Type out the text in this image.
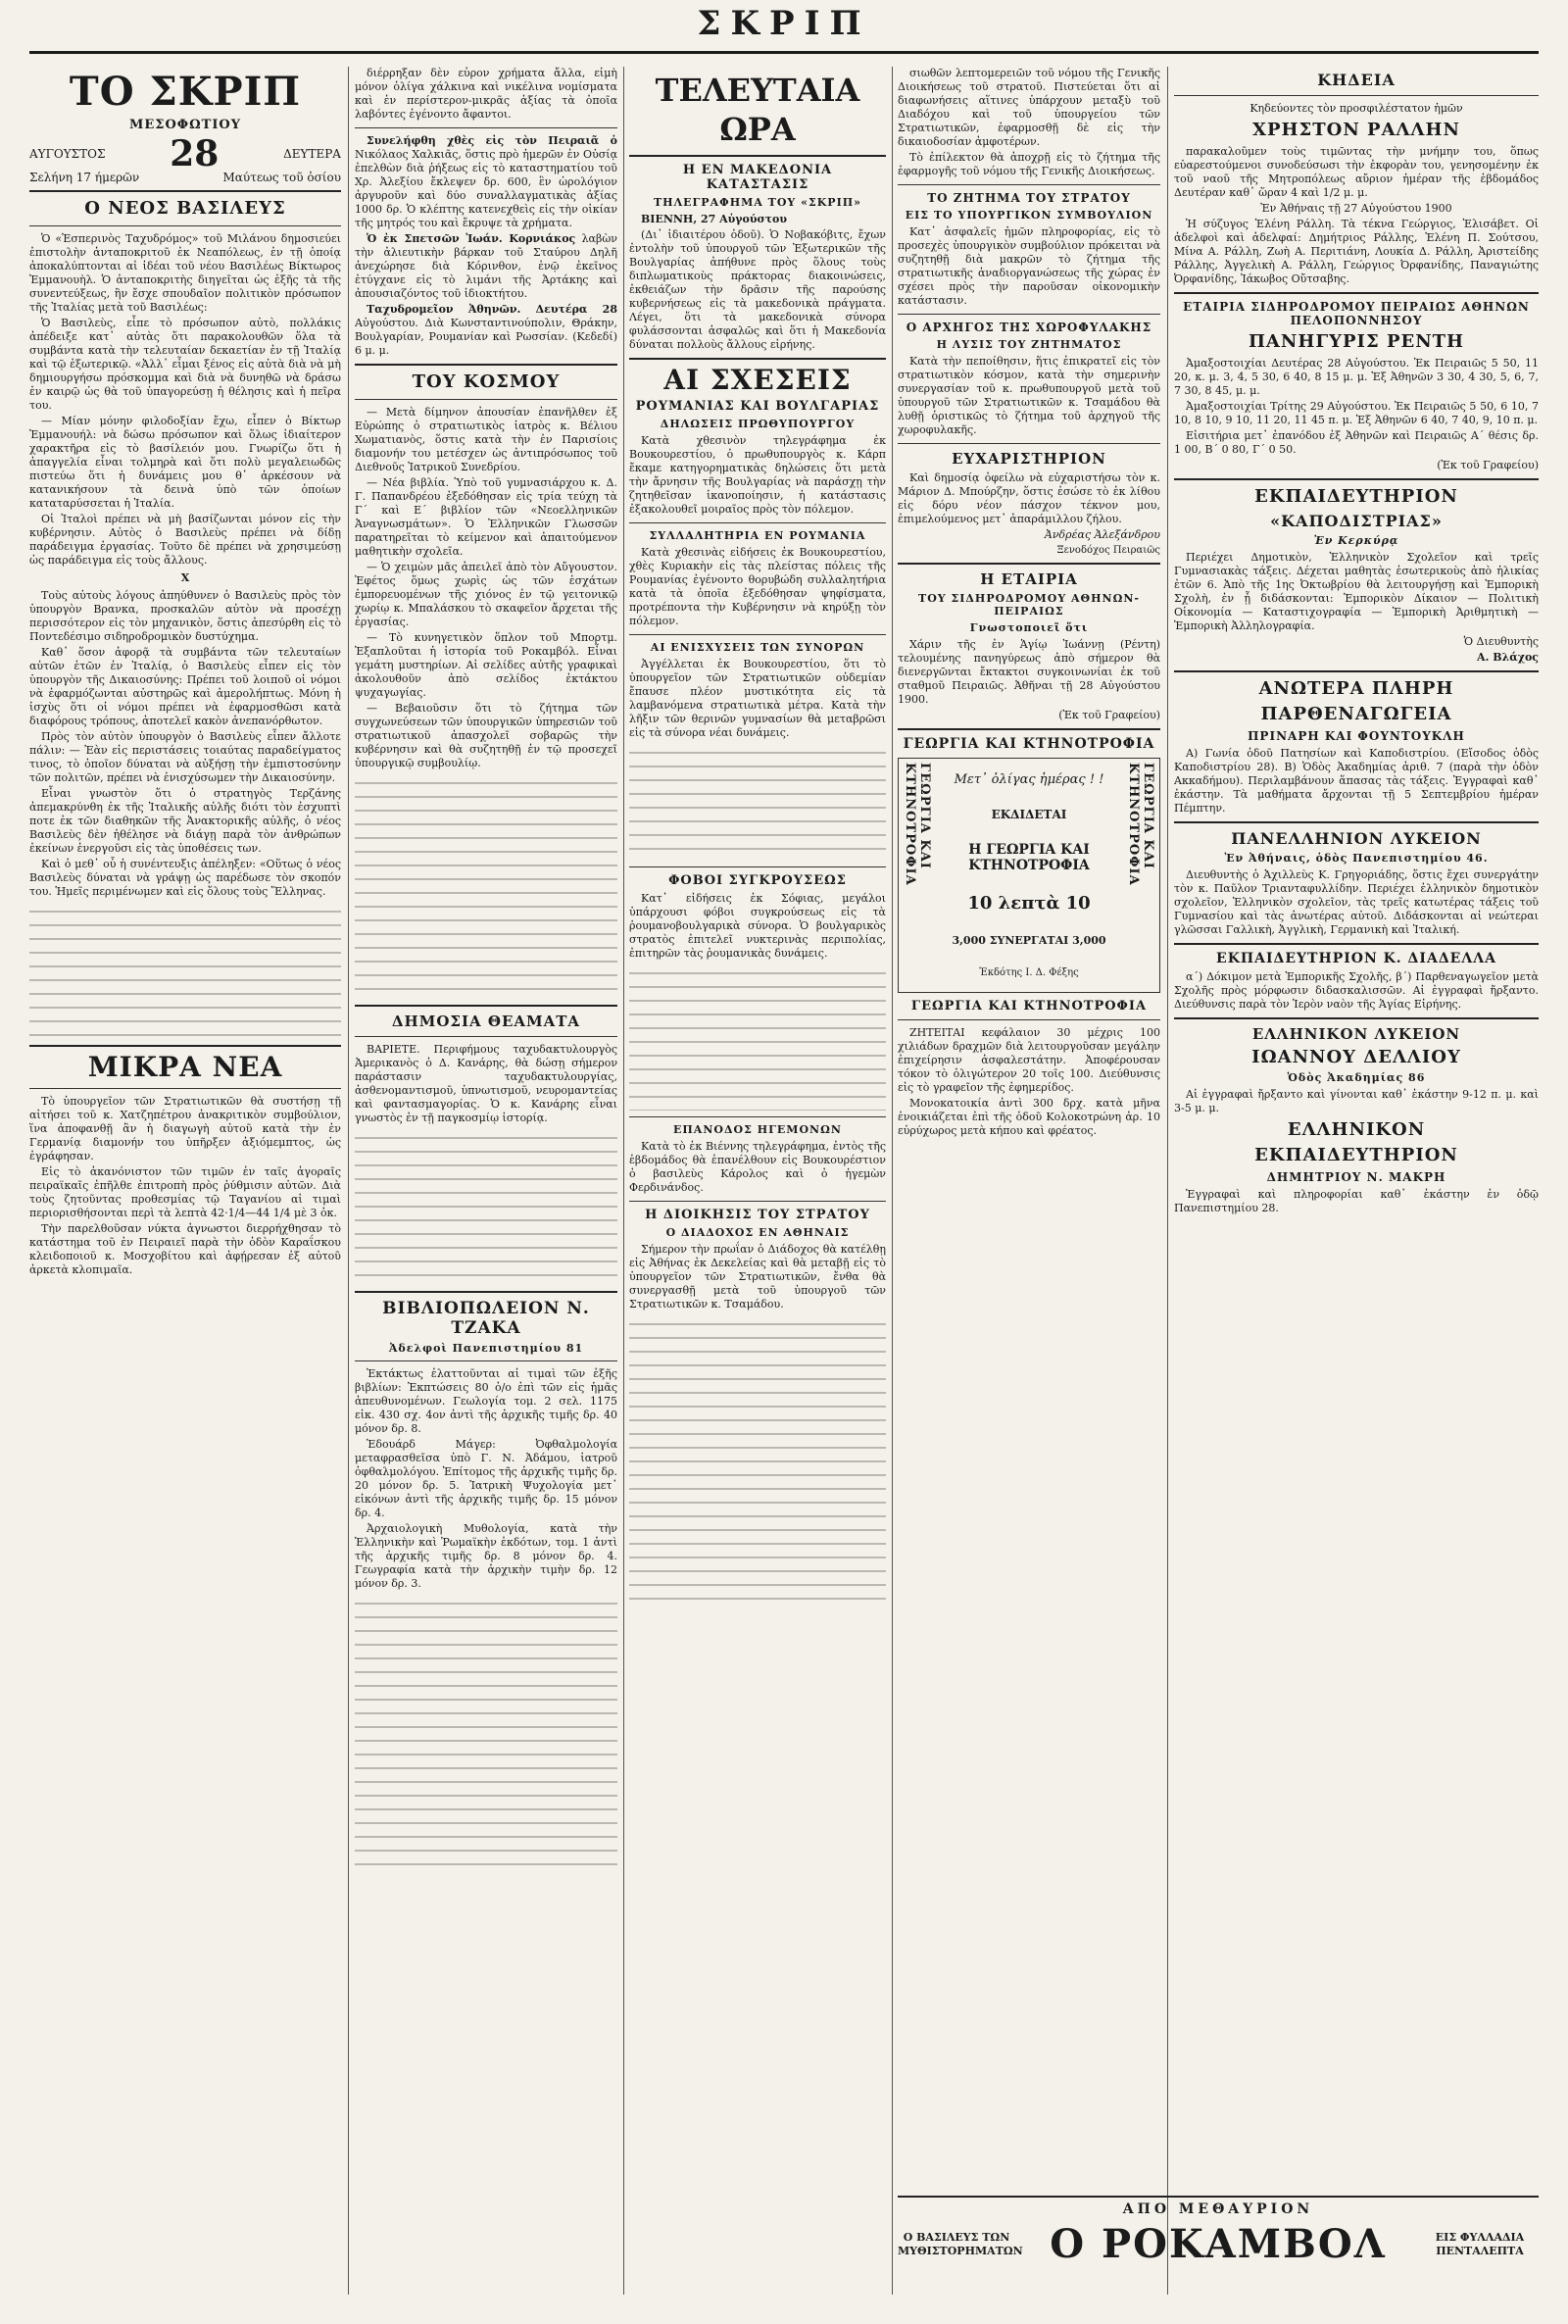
ΣΚΡΙΠ
ΤΟ ΣΚΡΙΠ
ΜΕΣΟΦΩΤΙΟΥ
ΑΥΓΟΥΣΤΟΣ 28	ΔΕΥΤΕΡΑ
Σελήνη 17 ήμερῶν	Μαύτεως τοῦ ὁσίου
Ο ΝΕΟΣ ΒΑΣΙΛΕΥΣ

Ὁ «Ἑσπερινὸς Ταχυδρόμος» τοῦ Μιλάνου δημοσιεύει ἐπιστολὴν ἀνταποκριτοῦ ἐκ Νεαπόλεως, ἐν τῇ ὁποίᾳ ἀποκαλύπτονται αἱ ἰδέαι τοῦ νέου Βασιλέως Βίκτωρος Ἐμμανουὴλ. Ὁ ἀνταποκριτὴς διηγεῖται ὡς ἑξῆς τὰ τῆς συνεντεύξεως, ἣν ἔσχε σπουδαῖον πολιτικὸν πρόσωπον τῆς Ἰταλίας μετὰ τοῦ Βασιλέως:

Ὁ Βασιλεὺς, εἶπε τὸ πρόσωπον αὐτὸ, πολλάκις ἀπέδειξε κατ᾽ αὐτὰς ὅτι παρακολουθῶν ὅλα τὰ συμβάντα κατὰ τὴν τελευταίαν δεκαετίαν ἐν τῇ Ἰταλίᾳ καὶ τῷ ἐξωτερικῷ. «Ἀλλ᾽ εἶμαι ξένος εἰς αὐτὰ διὰ νὰ μὴ δημιουργήσω πρόσκομμα καὶ διὰ νὰ δυνηθῶ νὰ δράσω ἐν καιρῷ ὡς θὰ τοῦ ὑπαγορεύσῃ ἡ θέλησις καὶ ἡ πεῖρα του.

— Μίαν μόνην φιλοδοξίαν ἔχω, εἶπεν ὁ Βίκτωρ Ἐμμανουήλ: νὰ δώσω πρόσωπον καὶ ὅλως ἰδιαίτερον χαρακτῆρα εἰς τὸ βασίλειόν μου. Γνωρίζω ὅτι ἡ ἀπαγγελία εἶναι τολμηρὰ καὶ ὅτι πολὺ μεγαλειωδῶς πιστεύω ὅτι ἡ δυνάμεις μου θ᾽ ἀρκέσουν νὰ κατανικήσουν τὰ δεινὰ ὑπὸ τῶν ὁποίων καταταρύσσεται ἡ Ἰταλία.

Οἱ Ἰταλοὶ πρέπει νὰ μὴ βασίζωνται μόνον εἰς τὴν κυβέρνησιν. Αὐτὸς ὁ Βασιλεὺς πρέπει νὰ δίδῃ παράδειγμα ἐργασίας. Τοῦτο δὲ πρέπει νὰ χρησιμεύσῃ ὡς παράδειγμα εἰς τοὺς ἄλλους.

Χ

Τοὺς αὐτοὺς λόγους ἀπηύθυνεν ὁ Βασιλεὺς πρὸς τὸν ὑπουργὸν Βρανκα, προσκαλῶν αὐτὸν νὰ προσέχῃ περισσότερον εἰς τὸν μηχανικὸν, ὅστις ἀπεσύρθη εἰς τὸ Ποντεδέσιμο σιδηροδρομικὸν δυστύχημα.

Καθ᾽ ὅσον ἀφορᾷ τὰ συμβάντα τῶν τελευταίων αὐτῶν ἐτῶν ἐν Ἰταλίᾳ, ὁ Βασιλεὺς εἶπεν εἰς τὸν ὑπουργὸν τῆς Δικαιοσύνης: Πρέπει τοῦ λοιποῦ οἱ νόμοι νὰ ἐφαρμόζωνται αὐστηρῶς καὶ ἀμερολήπτως. Μόνη ἡ ἰσχὺς ὅτι οἱ νόμοι πρέπει νὰ ἐφαρμοσθῶσι κατὰ διαφόρους τρόπους, ἀποτελεῖ κακὸν ἀνεπανόρθωτον.

Πρὸς τὸν αὐτὸν ὑπουργὸν ὁ Βασιλεὺς εἶπεν ἄλλοτε πάλιν: — Ἐὰν εἰς περιστάσεις τοιαύτας παραδείγματος τινος, τὸ ὁποῖον δύναται νὰ αὐξήσῃ τὴν ἐμπιστοσύνην τῶν πολιτῶν, πρέπει νὰ ἐνισχύσωμεν τὴν Δικαιοσύνην.

Εἶναι γνωστὸν ὅτι ὁ στρατηγὸς Τερζάνης ἀπεμακρύνθη ἐκ τῆς Ἰταλικῆς αὐλῆς διότι τὸν ἐσχυπτὶ ποτε ἐκ τῶν διαθηκῶν τῆς Ἀνακτορικῆς αὐλῆς, ὁ νέος Βασιλεὺς δὲν ἠθέλησε νὰ διάγῃ παρὰ τὸν ἀνθρώπων ἐκείνων ἐνεργοῦσι εἰς τὰς ὑποθέσεις των.

Καὶ ὁ μεθ᾽ οὗ ἡ συνέντευξις ἀπέληξεν: «Οὕτως ὁ νέος Βασιλεὺς δύναται νὰ γράψῃ ὡς παρέδωσε τὸν σκοπόν του. Ἡμεῖς περιμένωμεν καὶ εἰς ὅλους τοὺς Ἕλληνας.

ΜΙΚΡΑ ΝΕΑ

Τὸ ὑπουργεῖον τῶν Στρατιωτικῶν θὰ συστήσῃ τῇ αἰτήσει τοῦ κ. Χατζηπέτρου ἀνακριτικὸν συμβούλιον, ἵνα ἀποφανθῇ ἂν ἡ διαγωγὴ αὐτοῦ κατὰ τὴν ἐν Γερμανίᾳ διαμονήν του ὑπῆρξεν ἀξιόμεμπτος, ὡς ἐγράφησαν.

Εἰς τὸ ἀκανόνιστον τῶν τιμῶν ἐν ταῖς ἀγοραῖς πειραϊκαῖς ἐπῆλθε ἐπιτροπὴ πρὸς ῥύθμισιν αὐτῶν. Διὰ τοὺς ζητοῦντας προθεσμίας τῷ Ταγανίου αἱ τιμαὶ περιορισθήσονται περὶ τὰ λεπτὰ 42·1/4—44 1/4 μὲ 3 ὀκ.

Τὴν παρελθοῦσαν νύκτα ἀγνωστοι διερρήχθησαν τὸ κατάστημα τοῦ ἐν Πειραιεῖ παρὰ τὴν ὁδὸν Καραΐσκου κλειδοποιοῦ κ. Μοσχοβίτου καὶ ἀφῄρεσαν ἐξ αὐτοῦ ἀρκετὰ κλοπιμαῖα.

διέρρηξαν δὲν εὗρον χρήματα ἄλλα, εἰμὴ μόνον ὀλίγα χάλκινα καὶ νικέλινα νομίσματα καὶ ἐν περίστερον-μικρᾶς ἀξίας τὰ ὁποῖα λαβόντες ἐγένοντο ἄφαντοι.

Συνελήφθη χθὲς εἰς τὸν Πειραιᾶ ὁ Νικόλαος Χαλκιᾶς, ὅστις πρὸ ἡμερῶν ἐν Οὐσίᾳ ἐπελθὼν διὰ ῥήξεως εἰς τὸ καταστηματίου τοῦ Χρ. Ἀλεξίου ἔκλεψεν δρ. 600, ἓν ὡρολόγιον ἀργυροῦν καὶ δύο συναλλαγματικὰς ἀξίας 1000 δρ. Ὁ κλέπτης κατενεχθεὶς εἰς τὴν οἰκίαν τῆς μητρός του καὶ ἔκρυψε τὰ χρήματα.

Ὁ ἐκ Σπετσῶν Ἰωάν. Κορνιάκος λαβὼν τὴν ἀλιευτικὴν βάρκαν τοῦ Σταύρου Δηλῆ ἀνεχώρησε διὰ Κόρινθον, ἐνῷ ἐκεῖνος ἐτύγχανε εἰς τὸ λιμάνι τῆς Ἀρτάκης καὶ ἀπουσιαζόντος τοῦ ἰδιοκτήτου.

Ταχυδρομεῖον Ἀθηνῶν. Δευτέρα 28 Αὐγούστου. Διὰ Κωνσταντινούπολιν, Θράκην, Βουλγαρίαν, Ρουμανίαν καὶ Ρωσσίαν. (Κεδεδί) 6 μ. μ.

ΤΟΥ ΚΟΣΜΟΥ

— Μετὰ δίμηνον ἀπουσίαν ἐπανῆλθεν ἐξ Εὐρώπης ὁ στρατιωτικὸς ἰατρὸς κ. Βέλιου Χωματιανὸς, ὅστις κατὰ τὴν ἐν Παρισίοις διαμονήν του μετέσχεν ὡς ἀντιπρόσωπος τοῦ Διεθνοῦς Ἰατρικοῦ Συνεδρίου.

— Νέα βιβλία. Ὑπὸ τοῦ γυμνασιάρχου κ. Δ. Γ. Παπανδρέου ἐξεδόθησαν εἰς τρία τεύχη τὰ Γ΄ καὶ Ε΄ βιβλίον τῶν «Νεοελληνικῶν Ἀναγνωσμάτων». Ὁ Ἐλληνικῶν Γλωσσῶν παρατηρεῖται τὸ κείμενον καὶ ἀπαιτούμενον μαθητικὴν σχολεῖα.

— Ὁ χειμὼν μᾶς ἀπειλεῖ ἀπὸ τὸν Αὔγουστον. Ἐφέτος ὅμως χωρὶς ὡς τῶν ἐσχάτων ἐμπορευομένων τῆς χιόνος ἐν τῷ γειτονικῷ χωρίῳ κ. Μπαλάσκου τὸ σκαφεῖον ἄρχεται τῆς ἐργασίας.

— Τὸ κυνηγετικὸν ὅπλον τοῦ Μπορτμ. Ἐξαπλοῦται ἡ ἱστορία τοῦ Ροκαμβόλ. Εἶναι γεμάτη μυστηρίων. Αἱ σελίδες αὐτῆς γραφικαὶ ἀκολουθοῦν ἀπὸ σελίδος ἐκτάκτου ψυχαγωγίας.

— Βεβαιοῦσιν ὅτι τὸ ζήτημα τῶν συγχωνεύσεων τῶν ὑπουργικῶν ὑπηρεσιῶν τοῦ στρατιωτικοῦ ἀπασχολεῖ σοβαρῶς τὴν κυβέρνησιν καὶ θὰ συζητηθῇ ἐν τῷ προσεχεῖ ὑπουργικῷ συμβουλίῳ.

ΔΗΜΟΣΙΑ ΘΕΑΜΑΤΑ

ΒΑΡΙΕΤΕ. Περιφήμους ταχυδακτυλουργὸς Ἀμερικανὸς ὁ Δ. Κανάρης, θὰ δώσῃ σήμερον παράστασιν ταχυδακτυλουργίας, ἀσθενομαντισμοῦ, ὑπνωτισμοῦ, νευρομαντείας καὶ φαντασμαγορίας. Ὁ κ. Κανάρης εἶναι γνωστὸς ἐν τῇ παγκοσμίῳ ἱστορίᾳ.

ΒΙΒΛΙΟΠΩΛΕΙΟΝ Ν. ΤΖΑΚΑ
Ἀδελφοὶ Πανεπιστημίου 81

Ἐκτάκτως ἐλαττοῦνται αἱ τιμαὶ τῶν ἑξῆς βιβλίων: Ἐκπτώσεις 80 ὀ/ο ἐπὶ τῶν εἰς ἡμᾶς ἀπευθυνομένων. Γεωλογία τομ. 2 σελ. 1175 εἰκ. 430 σχ. 4ον ἀντὶ τῆς ἀρχικῆς τιμῆς δρ. 40 μόνον δρ. 8.

Ἐδουάρδ Μάγερ: Ὀφθαλμολογία μεταφρασθεῖσα ὑπὸ Γ. Ν. Ἀδάμου, ἰατροῦ ὀφθαλμολόγου. Ἐπίτομος τῆς ἀρχικῆς τιμῆς δρ. 20 μόνον δρ. 5. Ἰατρικὴ Ψυχολογία μετ᾽ εἰκόνων ἀντὶ τῆς ἀρχικῆς τιμῆς δρ. 15 μόνον δρ. 4.

Ἀρχαιολογικὴ Μυθολογία, κατὰ τὴν Ἑλληνικὴν καὶ Ῥωμαϊκὴν ἐκδότων, τομ. 1 ἀντὶ τῆς ἀρχικῆς τιμῆς δρ. 8 μόνον δρ. 4. Γεωγραφία κατὰ τὴν ἀρχικὴν τιμὴν δρ. 12 μόνον δρ. 3.

ΤΕΛΕΥΤΑΙΑ ΩΡΑ
Η ΕΝ ΜΑΚΕΔΟΝΙΑ ΚΑΤΑΣΤΑΣΙΣ
ΤΗΛΕΓΡΑΦΗΜΑ ΤΟΥ «ΣΚΡΙΠ»

ΒΙΕΝΝΗ, 27 Αὐγούστου

(Δι᾽ ἰδιαιτέρου ὁδοῦ). Ὁ Νοβακόβιτς, ἔχων ἐντολὴν τοῦ ὑπουργοῦ τῶν Ἐξωτερικῶν τῆς Βουλγαρίας ἀπήθυνε πρὸς ὅλους τοὺς διπλωματικοὺς πράκτορας διακοινώσεις, ἐκθειάζων τὴν δρᾶσιν τῆς παρούσης κυβερνήσεως εἰς τὰ μακεδονικὰ πράγματα. Λέγει, ὅτι τὰ μακεδονικὰ σύνορα φυλάσσονται ἀσφαλῶς καὶ ὅτι ἡ Μακεδονία δύναται πολλοὺς ἄλλους εἰρήνης.

ΑΙ ΣΧΕΣΕΙΣ
ΡΟΥΜΑΝΙΑΣ ΚΑΙ ΒΟΥΛΓΑΡΙΑΣ
ΔΗΛΩΣΕΙΣ ΠΡΩΘΥΠΟΥΡΓΟΥ

Κατὰ χθεσινὸν τηλεγράφημα ἐκ Βουκουρεστίου, ὁ πρωθυπουργὸς κ. Κάρπ ἔκαμε κατηγορηματικὰς δηλώσεις ὅτι μετὰ τὴν ἄρνησιν τῆς Βουλγαρίας νὰ παράσχῃ τὴν ζητηθεῖσαν ἱκανοποίησιν, ἡ κατάστασις ἐξακολουθεῖ μοιραῖος πρὸς τὸν πόλεμον.

ΣΥΛΛΑΛΗΤΗΡΙΑ ΕΝ ΡΟΥΜΑΝΙΑ

Κατὰ χθεσινὰς εἰδήσεις ἐκ Βουκουρεστίου, χθὲς Κυριακὴν εἰς τὰς πλείστας πόλεις τῆς Ρουμανίας ἐγένοντο θορυβώδη συλλαλητήρια κατὰ τὰ ὁποῖα ἐξεδόθησαν ψηφίσματα, προτρέποντα τὴν Κυβέρνησιν νὰ κηρύξῃ τὸν πόλεμον.

ΑΙ ΕΝΙΣΧΥΣΕΙΣ ΤΩΝ ΣΥΝΟΡΩΝ

Ἀγγέλλεται ἐκ Βουκουρεστίου, ὅτι τὸ ὑπουργεῖον τῶν Στρατιωτικῶν οὐδεμίαν ἔπαυσε πλέον μυστικότητα εἰς τὰ λαμβανόμενα στρατιωτικὰ μέτρα. Κατὰ τὴν λῆξιν τῶν θερινῶν γυμνασίων θὰ μεταβρῶσι εἰς τὰ σύνορα νέαι δυνάμεις.

ΦΟΒΟΙ ΣΥΓΚΡΟΥΣΕΩΣ

Κατ᾽ εἰδήσεις ἐκ Σόφιας, μεγάλοι ὑπάρχουσι φόβοι συγκρούσεως εἰς τὰ ῥουμανοβουλγαρικὰ σύνορα. Ὁ βουλγαρικὸς στρατὸς ἐπιτελεῖ νυκτερινὰς περιπολίας, ἐπιτηρῶν τὰς ῥουμανικὰς δυνάμεις.

ΕΠΑΝΟΔΟΣ ΗΓΕΜΟΝΩΝ

Κατὰ τὸ ἐκ Βιέννης τηλεγράφημα, ἐντὸς τῆς ἑβδομάδος θὰ ἐπανέλθουν εἰς Βουκουρέστιον ὁ βασιλεὺς Κάρολος καὶ ὁ ἡγεμὼν Φερδινάνδος.

Η ΔΙΟΙΚΗΣΙΣ ΤΟΥ ΣΤΡΑΤΟΥ
Ο ΔΙΑΔΟΧΟΣ ΕΝ ΑΘΗΝΑΙΣ

Σήμερον τὴν πρωΐαν ὁ Διάδοχος θὰ κατέλθῃ εἰς Ἀθήνας ἐκ Δεκελείας καὶ θὰ μεταβῇ εἰς τὸ ὑπουργεῖον τῶν Στρατιωτικῶν, ἔνθα θὰ συνεργασθῇ μετὰ τοῦ ὑπουργοῦ τῶν Στρατιωτικῶν κ. Τσαμάδου.

σιωθῶν λεπτομερειῶν τοῦ νόμου τῆς Γενικῆς Διοικήσεως τοῦ στρατοῦ. Πιστεύεται ὅτι αἱ διαφωνήσεις αἵτινες ὑπάρχουν μεταξὺ τοῦ Διαδόχου καὶ τοῦ ὑπουργείου τῶν Στρατιωτικῶν, ἐφαρμοσθῇ δὲ εἰς τὴν δικαιοδοσίαν ἀμφοτέρων.

Τὸ ἐπίλεκτον θὰ ἀποχρῇ εἰς τὸ ζήτημα τῆς ἐφαρμογῆς τοῦ νόμου τῆς Γενικῆς Διοικήσεως.

ΤΟ ΖΗΤΗΜΑ ΤΟΥ ΣΤΡΑΤΟΥ
ΕΙΣ ΤΟ ΥΠΟΥΡΓΙΚΟΝ ΣΥΜΒΟΥΛΙΟΝ

Κατ᾽ ἀσφαλεῖς ἡμῶν πληροφορίας, εἰς τὸ προσεχὲς ὑπουργικὸν συμβούλιον πρόκειται νὰ συζητηθῇ διὰ μακρῶν τὸ ζήτημα τῆς στρατιωτικῆς ἀναδιοργανώσεως τῆς χώρας ἐν σχέσει πρὸς τὴν παροῦσαν οἰκονομικὴν κατάστασιν.

Ο ΑΡΧΗΓΟΣ ΤΗΣ ΧΩΡΟΦΥΛΑΚΗΣ
Η ΛΥΣΙΣ ΤΟΥ ΖΗΤΗΜΑΤΟΣ

Κατὰ τὴν πεποίθησιν, ἥτις ἐπικρατεῖ εἰς τὸν στρατιωτικὸν κόσμον, κατὰ τὴν σημερινὴν συνεργασίαν τοῦ κ. πρωθυπουργοῦ μετὰ τοῦ ὑπουργοῦ τῶν Στρατιωτικῶν κ. Τσαμάδου θὰ λυθῇ ὁριστικῶς τὸ ζήτημα τοῦ ἀρχηγοῦ τῆς χωροφυλακῆς.

ΕΥΧΑΡΙΣΤΗΡΙΟΝ

Καὶ δημοσίᾳ ὀφείλω νὰ εὐχαριστήσω τὸν κ. Μάριον Δ. Μπούρζην, ὅστις ἐσώσε τὸ ἐκ λίθου εἰς δόρυ νέον πάσχον τέκνον μου, ἐπιμελούμενος μετ᾽ ἀπαράμιλλου ζήλου.

Ἀνδρέας Ἀλεξάνδρου

Ξενοδόχος Πειραιῶς

Η ΕΤΑΙΡΙΑ
ΤΟΥ ΣΙΔΗΡΟΔΡΟΜΟΥ ΑΘΗΝΩΝ-ΠΕΙΡΑΙΩΣ
Γνωστοποιεῖ ὅτι

Χάριν τῆς ἐν Ἁγίῳ Ἰωάννῃ (Ρέντη) τελουμένης πανηγύρεως ἀπὸ σήμερον θὰ διενεργῶνται ἔκτακτοι συγκοινωνίαι ἐκ τοῦ σταθμοῦ Πειραιῶς. Ἀθῆναι τῇ 28 Αὐγούστου 1900.

(Ἐκ τοῦ Γραφείου)

ΓΕΩΡΓΙΑ ΚΑΙ ΚΤΗΝΟΤΡΟΦΙΑ
ΓΕΩΡΓΙΑ ΚΑΙ ΚΤΗΝΟΤΡΟΦΙΑ	Μετ᾽ ὀλίγας ἡμέρας ! !
ΕΚΔΙΔΕΤΑΙ
Η ΓΕΩΡΓΙΑ ΚΑΙ ΚΤΗΝΟΤΡΟΦΙΑ
10 λεπτὰ 10
3,000 ΣΥΝΕΡΓΑΤΑΙ 3,000
Ἐκδότης Ι. Δ. Φέξης
ΓΕΩΡΓΙΑ ΚΑΙ ΚΤΗΝΟΤΡΟΦΙΑ
ΓΕΩΡΓΙΑ ΚΑΙ ΚΤΗΝΟΤΡΟΦΙΑ

ΖΗΤΕΙΤΑΙ κεφάλαιον 30 μέχρις 100 χιλιάδων δραχμῶν διὰ λειτουργοῦσαν μεγάλην ἐπιχείρησιν ἀσφαλεστάτην. Ἀποφέρουσαν τόκον τὸ ὀλιγώτερον 20 τοῖς 100. Διεύθυνσις εἰς τὸ γραφεῖον τῆς ἐφημερίδος.

Μονοκατοικία ἀντὶ 300 δρχ. κατὰ μῆνα ἐνοικιάζεται ἐπὶ τῆς ὁδοῦ Κολοκοτρώνη ἀρ. 10 εὐρύχωρος μετὰ κήπου καὶ φρέατος.

ΚΗΔΕΙΑ

Κηδεύοντες τὸν προσφιλέστατον ἡμῶν

ΧΡΗΣΤΟΝ ΡΑΛΛΗΝ

παρακαλοῦμεν τοὺς τιμῶντας τὴν μνήμην του, ὅπως εὐαρεστούμενοι συνοδεύσωσι τὴν ἐκφορὰν του, γενησομένην ἐκ τοῦ ναοῦ τῆς Μητροπόλεως αὔριον ἡμέραν τῆς ἑβδομάδος Δευτέραν καθ᾽ ὥραν 4 καὶ 1/2 μ. μ.

Ἐν Ἀθήναις τῇ 27 Αὐγούστου 1900

Ἡ σύζυγος Ἑλένη Ράλλη. Τὰ τέκνα Γεώργιος, Ἐλισάβετ. Οἱ ἀδελφοὶ καὶ ἀδελφαί: Δημήτριος Ράλλης, Ἑλένη Π. Σούτσου, Μίνα Α. Ράλλη, Ζωὴ Α. Περιτιάνη, Λουκία Δ. Ράλλη, Ἀριστείδης Ράλλης, Ἀγγελικὴ Α. Ράλλη, Γεώργιος Ὀρφανίδης, Παναγιώτης Ὀρφανίδης, Ἰάκωβος Οὔτσαβης.

ΕΤΑΙΡΙΑ ΣΙΔΗΡΟΔΡΟΜΟΥ ΠΕΙΡΑΙΩΣ ΑΘΗΝΩΝ ΠΕΛΟΠΟΝΝΗΣΟΥ
ΠΑΝΗΓΥΡΙΣ ΡΕΝΤΗ

Ἀμαξοστοιχίαι Δευτέρας 28 Αὐγούστου. Ἐκ Πειραιῶς 5 50, 11 20, κ. μ. 3, 4, 5 30, 6 40, 8 15 μ. μ. Ἐξ Ἀθηνῶν 3 30, 4 30, 5, 6, 7, 7 30, 8 45, μ. μ.

Ἀμαξοστοιχίαι Τρίτης 29 Αὐγούστου. Ἐκ Πειραιῶς 5 50, 6 10, 7 10, 8 10, 9 10, 11 20, 11 45 π. μ. Ἐξ Ἀθηνῶν 6 40, 7 40, 9, 10 π. μ.

Εἰσιτήρια μετ᾽ ἐπανόδου ἐξ Ἀθηνῶν καὶ Πειραιῶς Α΄ θέσις δρ. 1 00, Β΄ 0 80, Γ΄ 0 50.

(Ἐκ τοῦ Γραφείου)

ΕΚΠΑΙΔΕΥΤΗΡΙΟΝ
«ΚΑΠΟΔΙΣΤΡΙΑΣ»
Ἐν Κερκύρᾳ

Περιέχει Δημοτικὸν, Ἑλληνικὸν Σχολεῖον καὶ τρεῖς Γυμνασιακὰς τάξεις. Δέχεται μαθητὰς ἐσωτερικοὺς ἀπὸ ἡλικίας ἐτῶν 6. Ἀπὸ τῆς 1ης Ὀκτωβρίου θὰ λειτουργήσῃ καὶ Ἐμπορικὴ Σχολὴ, ἐν ᾗ διδάσκονται: Ἐμπορικὸν Δίκαιον — Πολιτικὴ Οἰκονομία — Καταστιχογραφία — Ἐμπορικὴ Ἀριθμητικὴ — Ἐμπορικὴ Ἀλληλογραφία.

Ὁ Διευθυντὴς

Α. Βλάχος

ΑΝΩΤΕΡΑ ΠΛΗΡΗ
ΠΑΡΘΕΝΑΓΩΓΕΙΑ
ΠΡΙΝΑΡΗ ΚΑΙ ΦΟΥΝΤΟΥΚΛΗ

Α) Γωνία ὁδοῦ Πατησίων καὶ Καποδιστρίου. (Εἴσοδος ὁδὸς Καποδιστρίου 28). Β) Ὁδὸς Ἀκαδημίας ἀριθ. 7 (παρὰ τὴν ὁδὸν Ακκαδήμου). Περιλαμβάνουν ἅπασας τὰς τάξεις. Ἐγγραφαὶ καθ᾽ ἑκάστην. Τὰ μαθήματα ἄρχονται τῇ 5 Σεπτεμβρίου ἡμέραν Πέμπτην.

ΠΑΝΕΛΛΗΝΙΟΝ ΛΥΚΕΙΟΝ
Ἐν Ἀθήναις, ὁδὸς Πανεπιστημίου 46.

Διευθυντὴς ὁ Ἀχιλλεὺς Κ. Γρηγοριάδης, ὅστις ἔχει συνεργάτην τὸν κ. Παῦλον Τριανταφυλλίδην. Περιέχει ἐλληνικὸν δημοτικὸν σχολεῖον, Ἑλληνικὸν σχολεῖον, τὰς τρεῖς κατωτέρας τάξεις τοῦ Γυμνασίου καὶ τὰς ἀνωτέρας αὐτοῦ. Διδάσκονται αἱ νεώτεραι γλῶσσαι Γαλλικὴ, Ἀγγλικὴ, Γερμανικὴ καὶ Ἰταλική.

ΕΚΠΑΙΔΕΥΤΗΡΙΟΝ Κ. ΔΙΑΔΕΛΛΑ

α΄) Δόκιμον μετὰ Ἐμπορικῆς Σχολῆς, β΄) Παρθεναγωγεῖον μετὰ Σχολῆς πρὸς μόρφωσιν διδασκαλισσῶν. Αἱ ἐγγραφαὶ ἤρξαντο. Διεύθυνσις παρὰ τὸν Ἱερὸν ναὸν τῆς Ἁγίας Εἰρήνης.

ΕΛΛΗΝΙΚΟΝ ΛΥΚΕΙΟΝ
ΙΩΑΝΝΟΥ ΔΕΛΛΙΟΥ
Ὁδὸς Ἀκαδημίας 86

Αἱ ἐγγραφαὶ ἤρξαντο καὶ γίνονται καθ᾽ ἑκάστην 9-12 π. μ. καὶ 3-5 μ. μ.

ΕΛΛΗΝΙΚΟΝ
ΕΚΠΑΙΔΕΥΤΗΡΙΟΝ
ΔΗΜΗΤΡΙΟΥ Ν. ΜΑΚΡΗ

Ἐγγραφαὶ καὶ πληροφορίαι καθ᾽ ἑκάστην ἐν ὁδῷ Πανεπιστημίου 28.

ΑΠΟ ΜΕΘΑΥΡΙΟΝ
Ο ΒΑΣΙΛΕΥΣ ΤΩΝ ΜΥΘΙΣΤΟΡΗΜΑΤΩΝ Ο ΡΟΚΑΜΒΟΛ	ΕΙΣ ΦΥΛΛΑΔΙΑ ΠΕΝΤΑΛΕΠΤΑ
